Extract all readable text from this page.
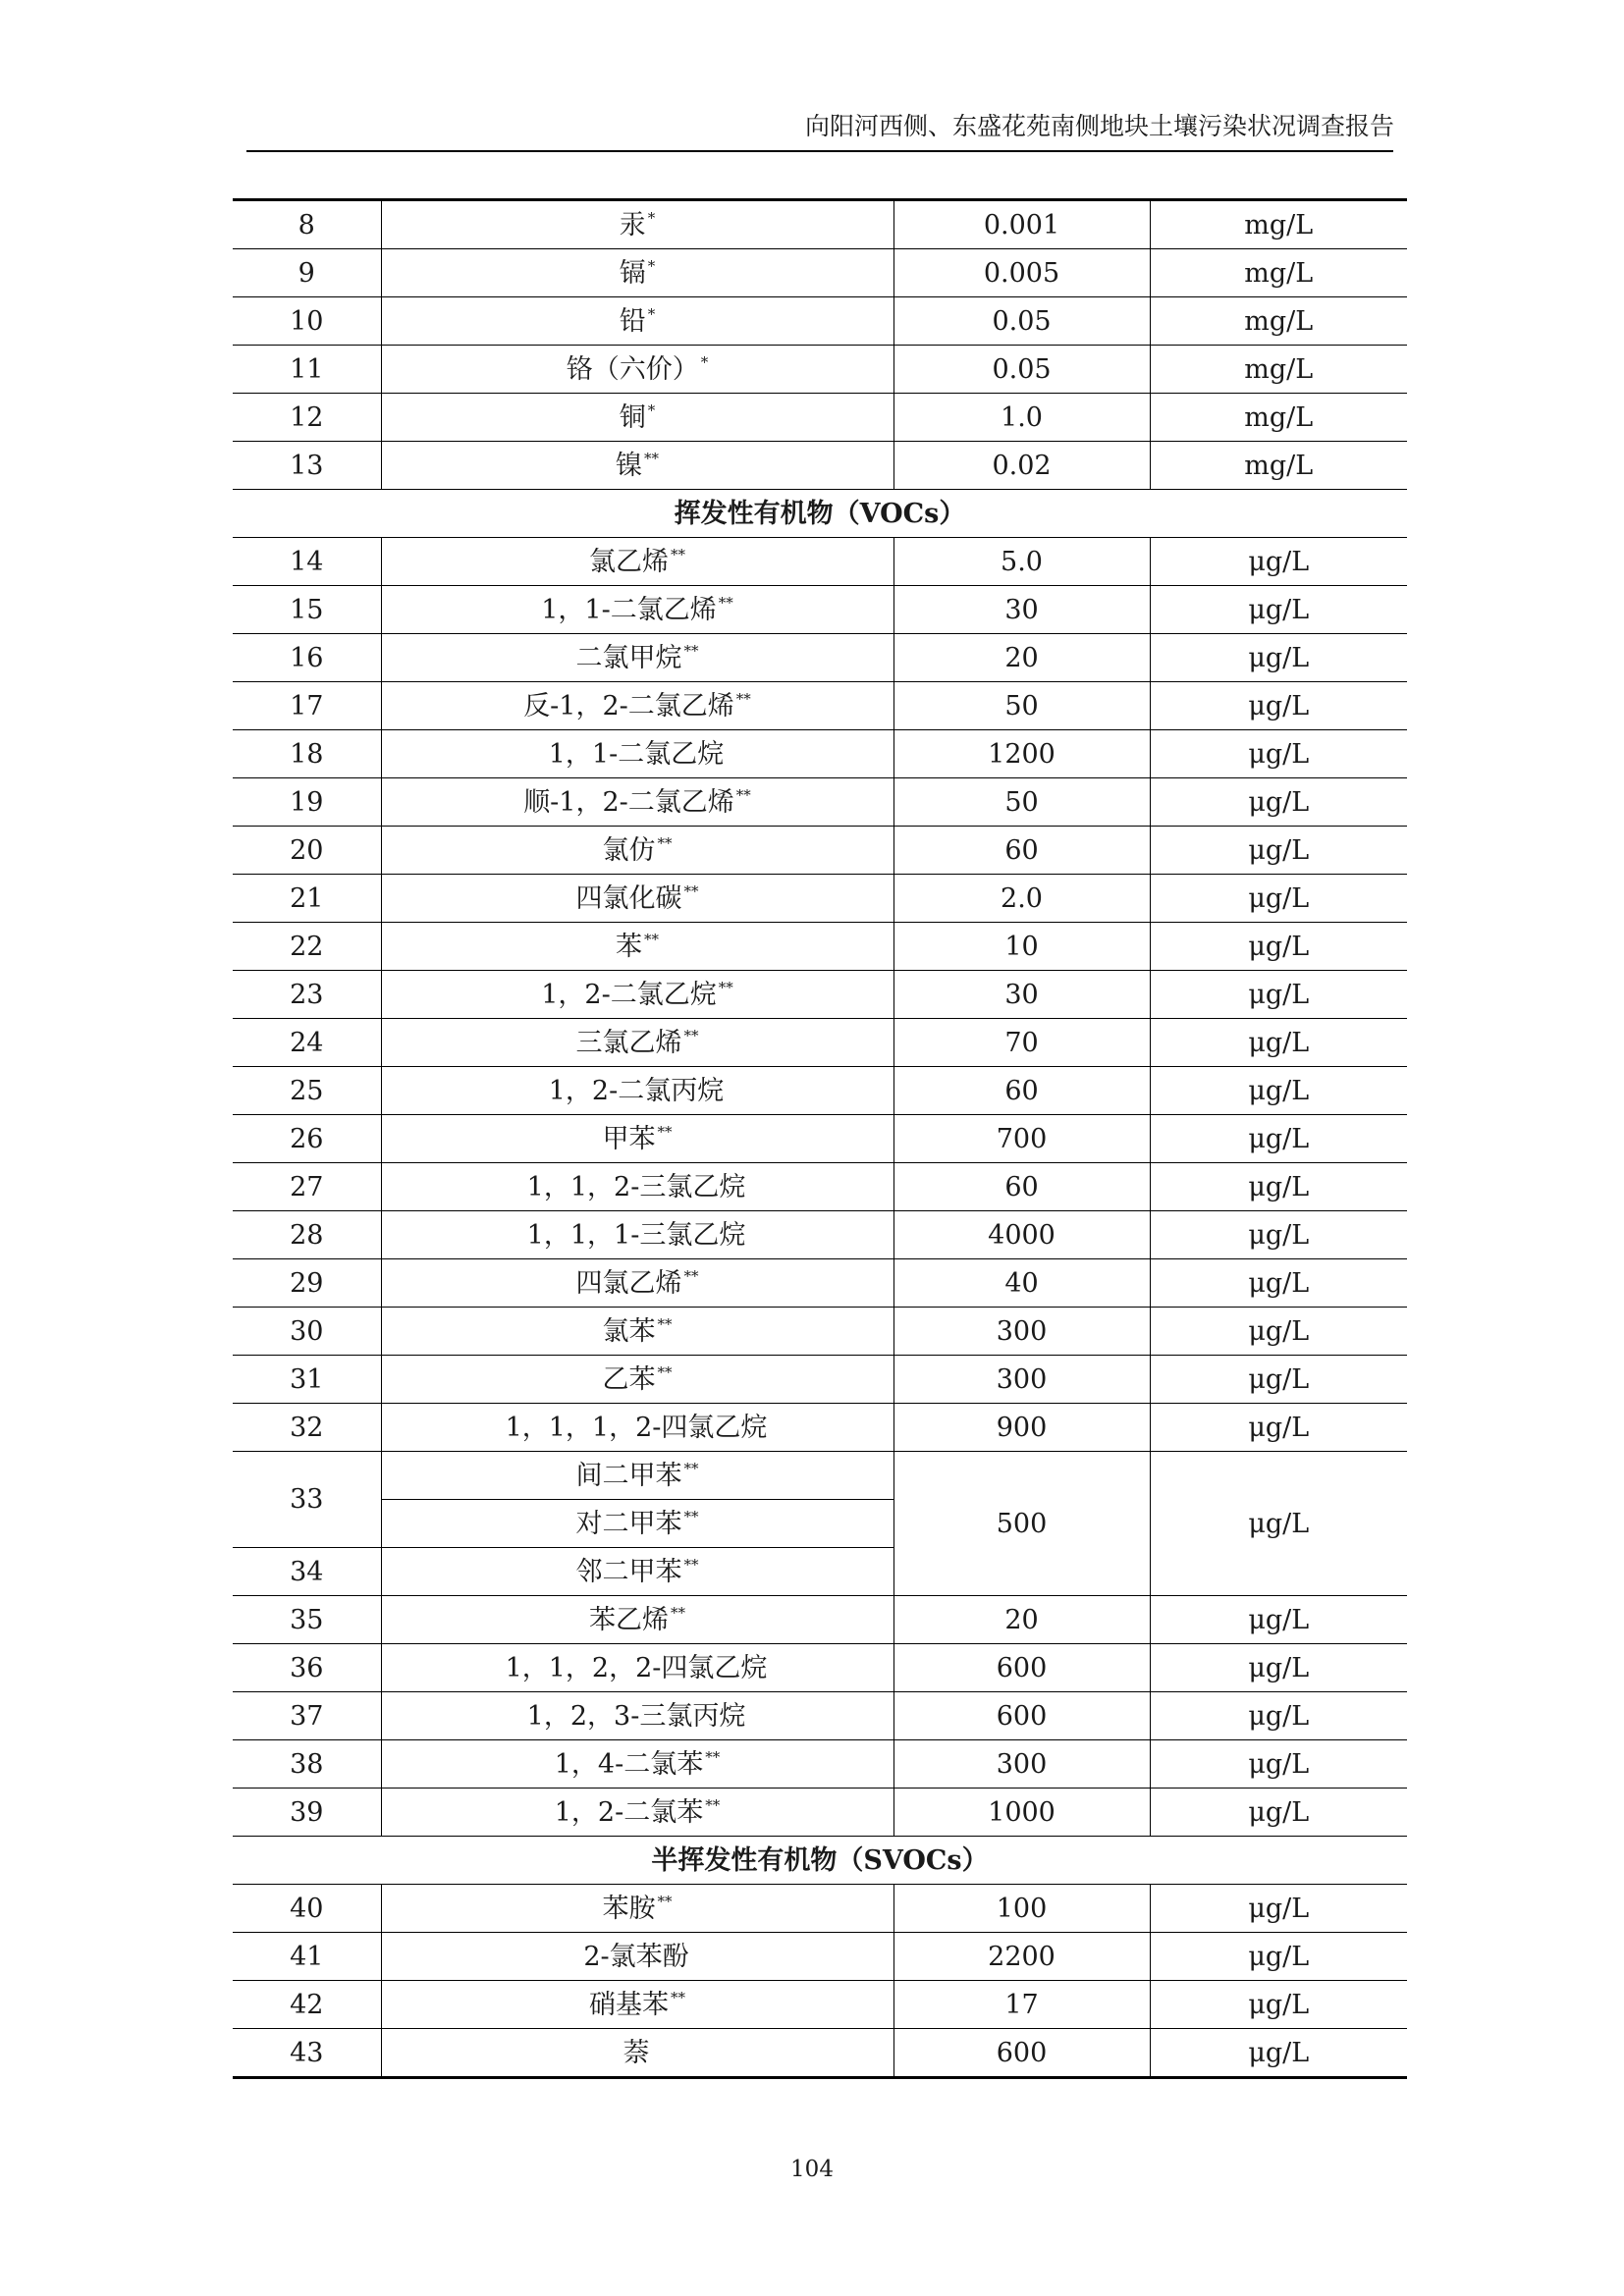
向阳河西侧、东盛花苑南侧地块土壤污染状况调查报告
8	汞 *	0.001	mg/L
9	镉 *	0.005	mg/L
10	铅 *	0.05	mg/L
11	铬（六价） *	0.05	mg/L
12	铜 *	1.0	mg/L
13	镍 **	0.02	mg/L
挥发性有机物（VOCs）			
14	氯乙烯 **	5.0	μg/L
15	1，1-二氯乙烯 **	30	μg/L
16	二氯甲烷 **	20	μg/L
17	反-1，2-二氯乙烯 **	50	μg/L
18	1，1-二氯乙烷	1200	μg/L
19	顺-1，2-二氯乙烯 **	50	μg/L
20	氯仿 **	60	μg/L
21	四氯化碳 **	2.0	μg/L
22	苯 **	10	μg/L
23	1，2-二氯乙烷 **	30	μg/L
24	三氯乙烯 **	70	μg/L
25	1，2-二氯丙烷	60	μg/L
26	甲苯 **	700	μg/L
27	1，1，2-三氯乙烷	60	μg/L
28	1，1，1-三氯乙烷	4000	μg/L
29	四氯乙烯 **	40	μg/L
30	氯苯 **	300	μg/L
31	乙苯 **	300	μg/L
32	1，1，1，2-四氯乙烷	900	μg/L
33	间二甲苯 **	500	μg/L
	对二甲苯 **
34	邻二甲苯 **
35	苯乙烯 **	20	μg/L
36	1，1，2，2-四氯乙烷	600	μg/L
37	1，2，3-三氯丙烷	600	μg/L
38	1，4-二氯苯 **	300	μg/L
39	1，2-二氯苯 **	1000	μg/L
半挥发性有机物（SVOCs）			
40	苯胺 **	100	μg/L
41	2-氯苯酚	2200	μg/L
42	硝基苯 **	17	μg/L
43	萘	600	μg/L
104
